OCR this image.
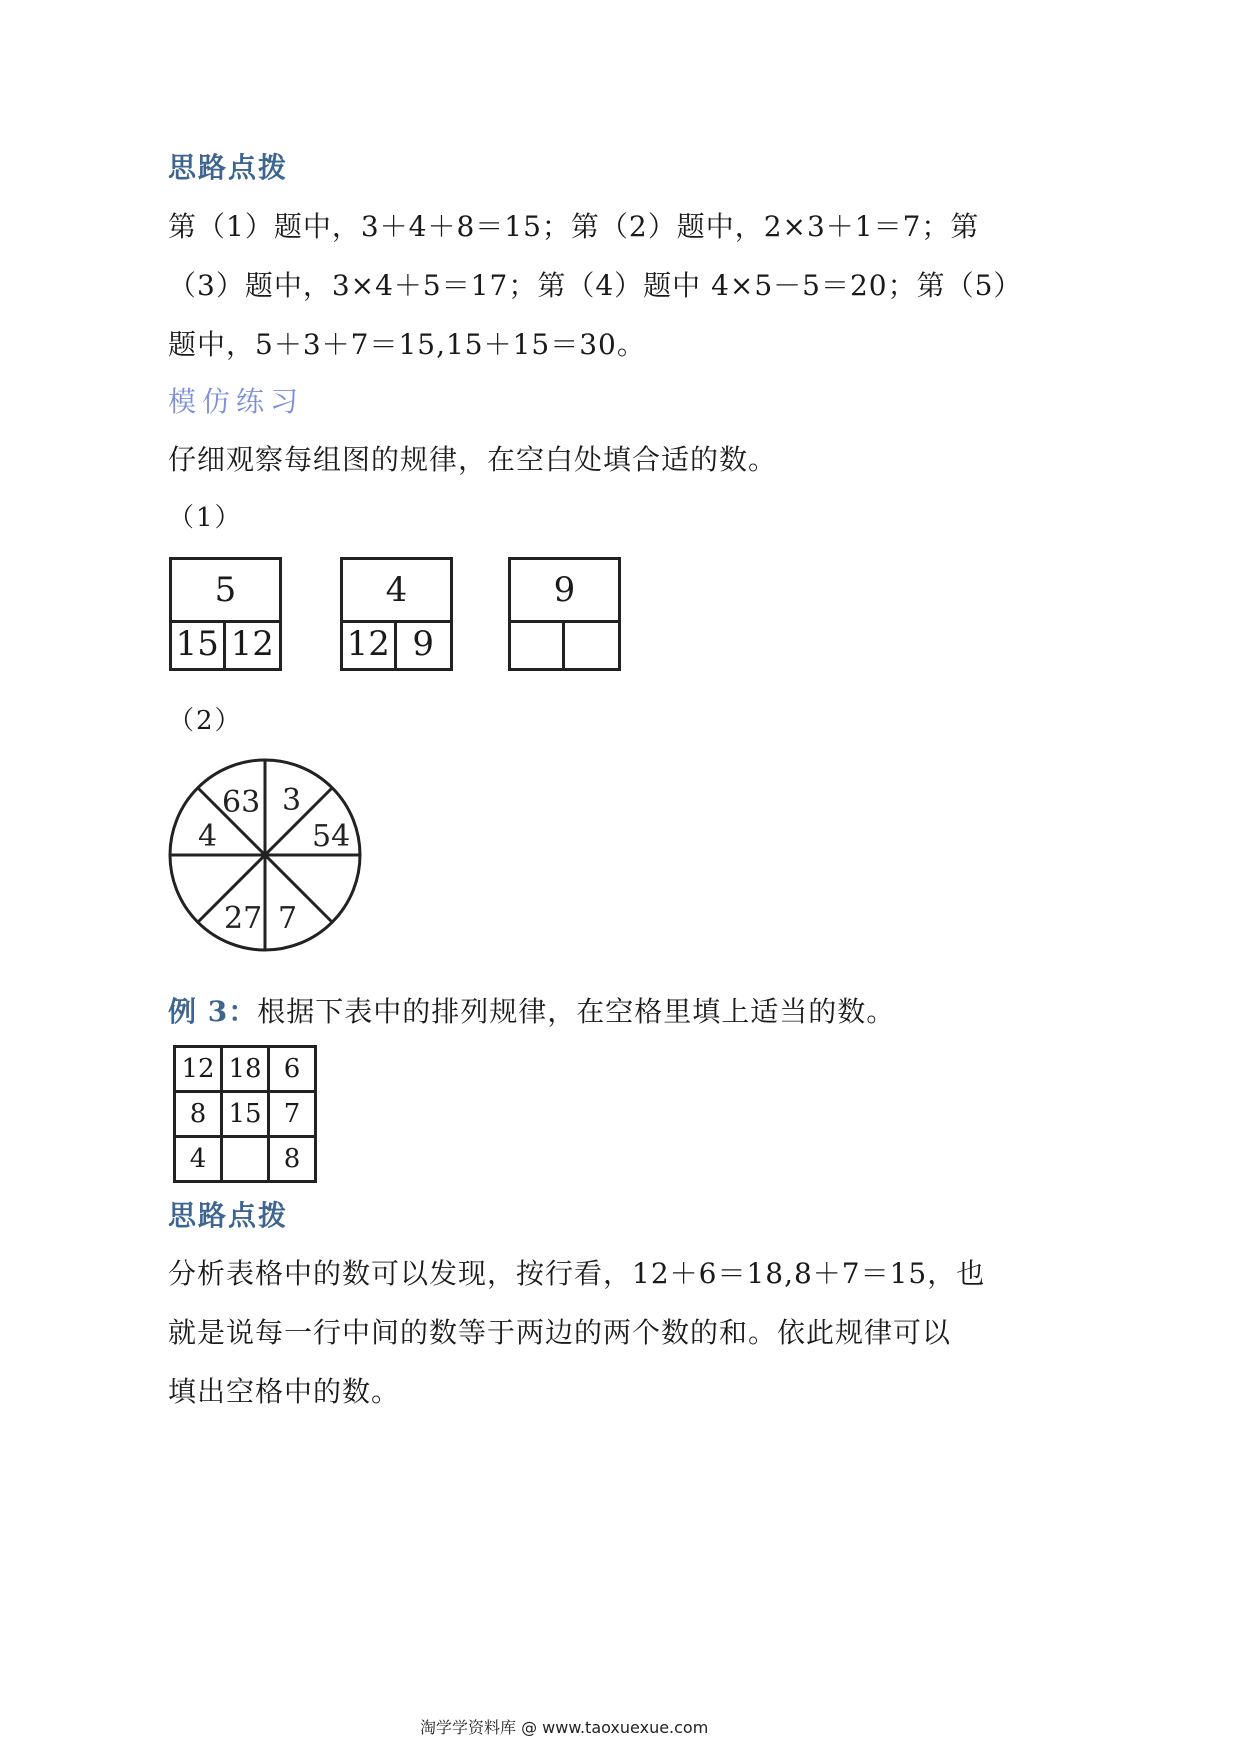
思路点拨
第（1）题中，3＋4＋8＝15；第（2）题中，2×3＋1＝7；第
（3）题中，3×4＋5＝17；第（4）题中 4×5－5＝20；第（5）
题中，5＋3＋7＝15,15＋15＝30。
模仿练习
仔细观察每组图的规律，在空白处填合适的数。
（1）
5
15 12
4
12 9
9
（2）
63 3
54
4
27 7
例 3：根据下表中的排列规律，在空格里填上适当的数。
12	18	6
8	15	7
4		8
思路点拨
分析表格中的数可以发现，按行看，12＋6＝18,8＋7＝15，也
就是说每一行中间的数等于两边的两个数的和。依此规律可以
填出空格中的数。
淘学学资料库 @ www.taoxuexue.com
